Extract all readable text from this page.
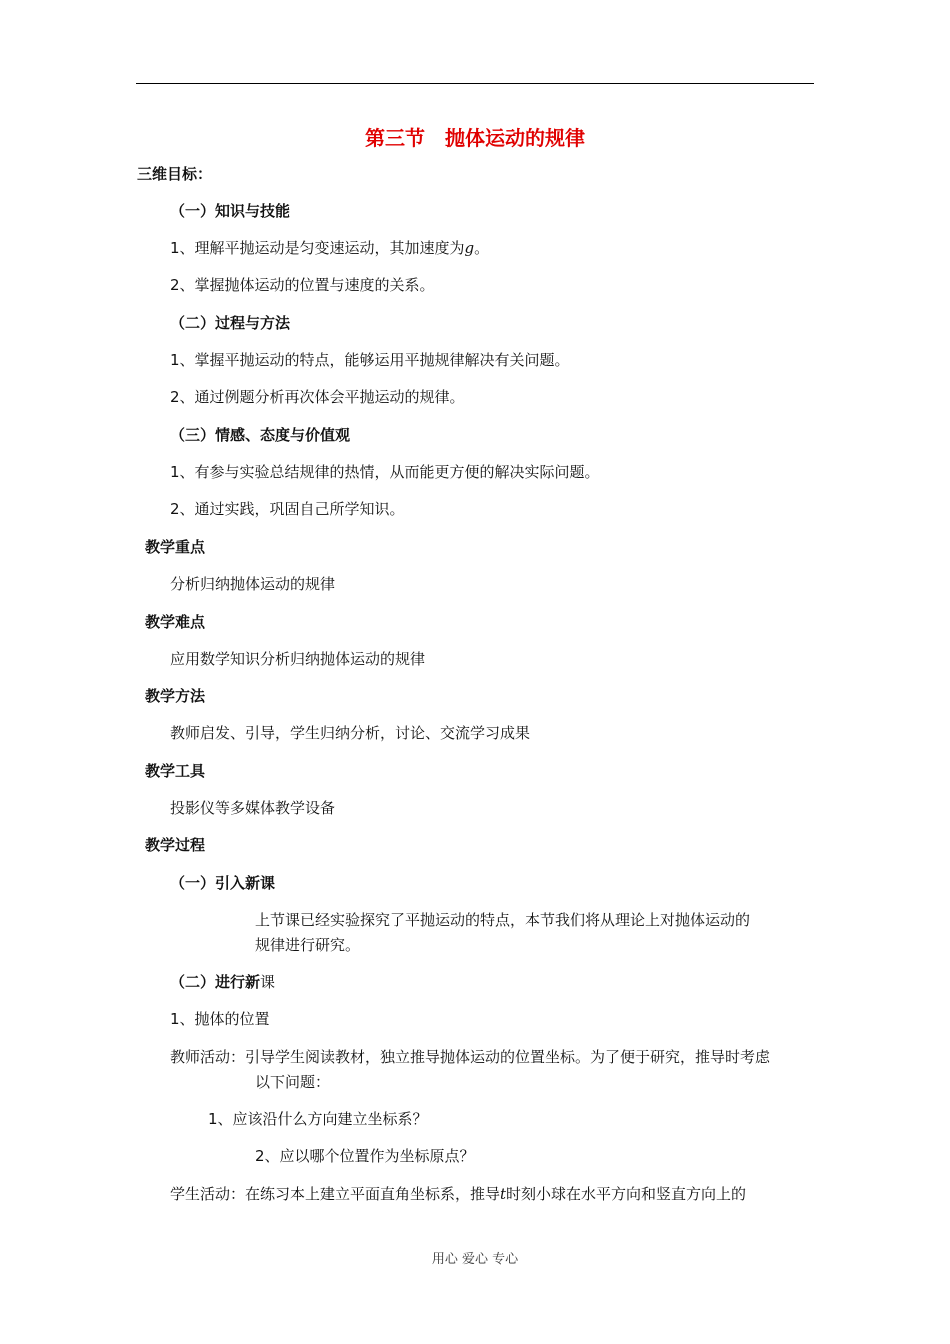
第三节　抛体运动的规律
三维目标：
（一）知识与技能
1、理解平抛运动是匀变速运动，其加速度为g。
2、掌握抛体运动的位置与速度的关系。
（二）过程与方法
1、掌握平抛运动的特点，能够运用平抛规律解决有关问题。
2、通过例题分析再次体会平抛运动的规律。
（三）情感、态度与价值观
1、有参与实验总结规律的热情，从而能更方便的解决实际问题。
2、通过实践，巩固自己所学知识。
教学重点
分析归纳抛体运动的规律
教学难点
应用数学知识分析归纳抛体运动的规律
教学方法
教师启发、引导，学生归纳分析，讨论、交流学习成果
教学工具
投影仪等多媒体教学设备
教学过程
（一）引入新课
上节课已经实验探究了平抛运动的特点，本节我们将从理论上对抛体运动的
规律进行研究。
（二）进行新课
1、抛体的位置
教师活动：引导学生阅读教材，独立推导抛体运动的位置坐标。为了便于研究，推导时考虑
以下问题：
1、应该沿什么方向建立坐标系？
2、应以哪个位置作为坐标原点？
学生活动：在练习本上建立平面直角坐标系，推导t时刻小球在水平方向和竖直方向上的
用心 爱心 专心
